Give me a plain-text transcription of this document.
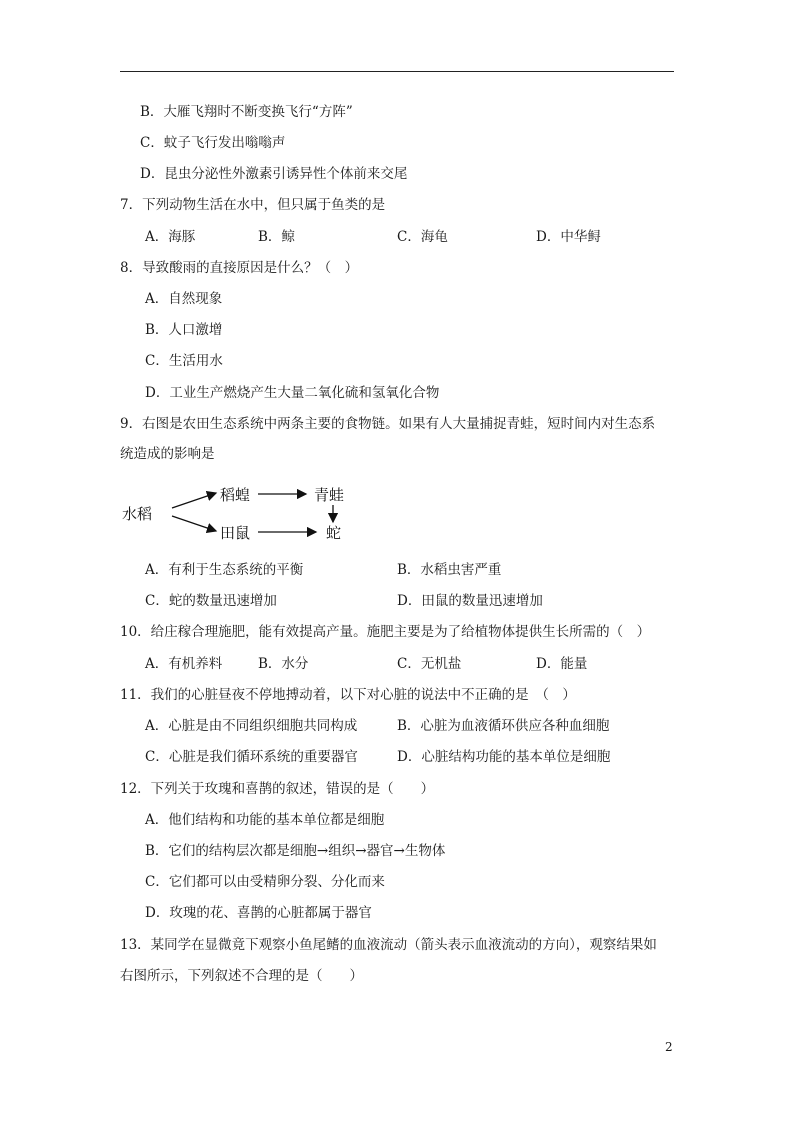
B．大雁飞翔时不断变换飞行“方阵”
C．蚊子飞行发出嗡嗡声
D．昆虫分泌性外激素引诱异性个体前来交尾
7．下列动物生活在水中，但只属于鱼类的是
A．海豚	B．鲸	C．海龟	D．中华鲟
8．导致酸雨的直接原因是什么？（　）
A．自然现象
B．人口激增
C．生活用水
D．工业生产燃烧产生大量二氧化硫和氢氧化合物
9．右图是农田生态系统中两条主要的食物链。如果有人大量捕捉青蛙，短时间内对生态系
统造成的影响是
水稻
稻蝗	青蛙
田鼠	蛇
A．有利于生态系统的平衡	B．水稻虫害严重
C．蛇的数量迅速增加	D．田鼠的数量迅速增加
10．给庄稼合理施肥，能有效提高产量。施肥主要是为了给植物体提供生长所需的（　）
A．有机养料	B．水分	C．无机盐	D．能量
11．我们的心脏昼夜不停地搏动着，以下对心脏的说法中不正确的是　（　）
A．心脏是由不同组织细胞共同构成	B．心脏为血液循环供应各种血细胞
C．心脏是我们循环系统的重要器官	D．心脏结构功能的基本单位是细胞
12．下列关于玫瑰和喜鹊的叙述，错误的是（　　）
A．他们结构和功能的基本单位都是细胞
B．它们的结构层次都是细胞→组织→器官→生物体
C．它们都可以由受精卵分裂、分化而来
D．玫瑰的花、喜鹊的心脏都属于器官
13．某同学在显微竟下观察小鱼尾鳍的血液流动（箭头表示血液流动的方向），观察结果如
右图所示，下列叙述不合理的是（　　）
2
